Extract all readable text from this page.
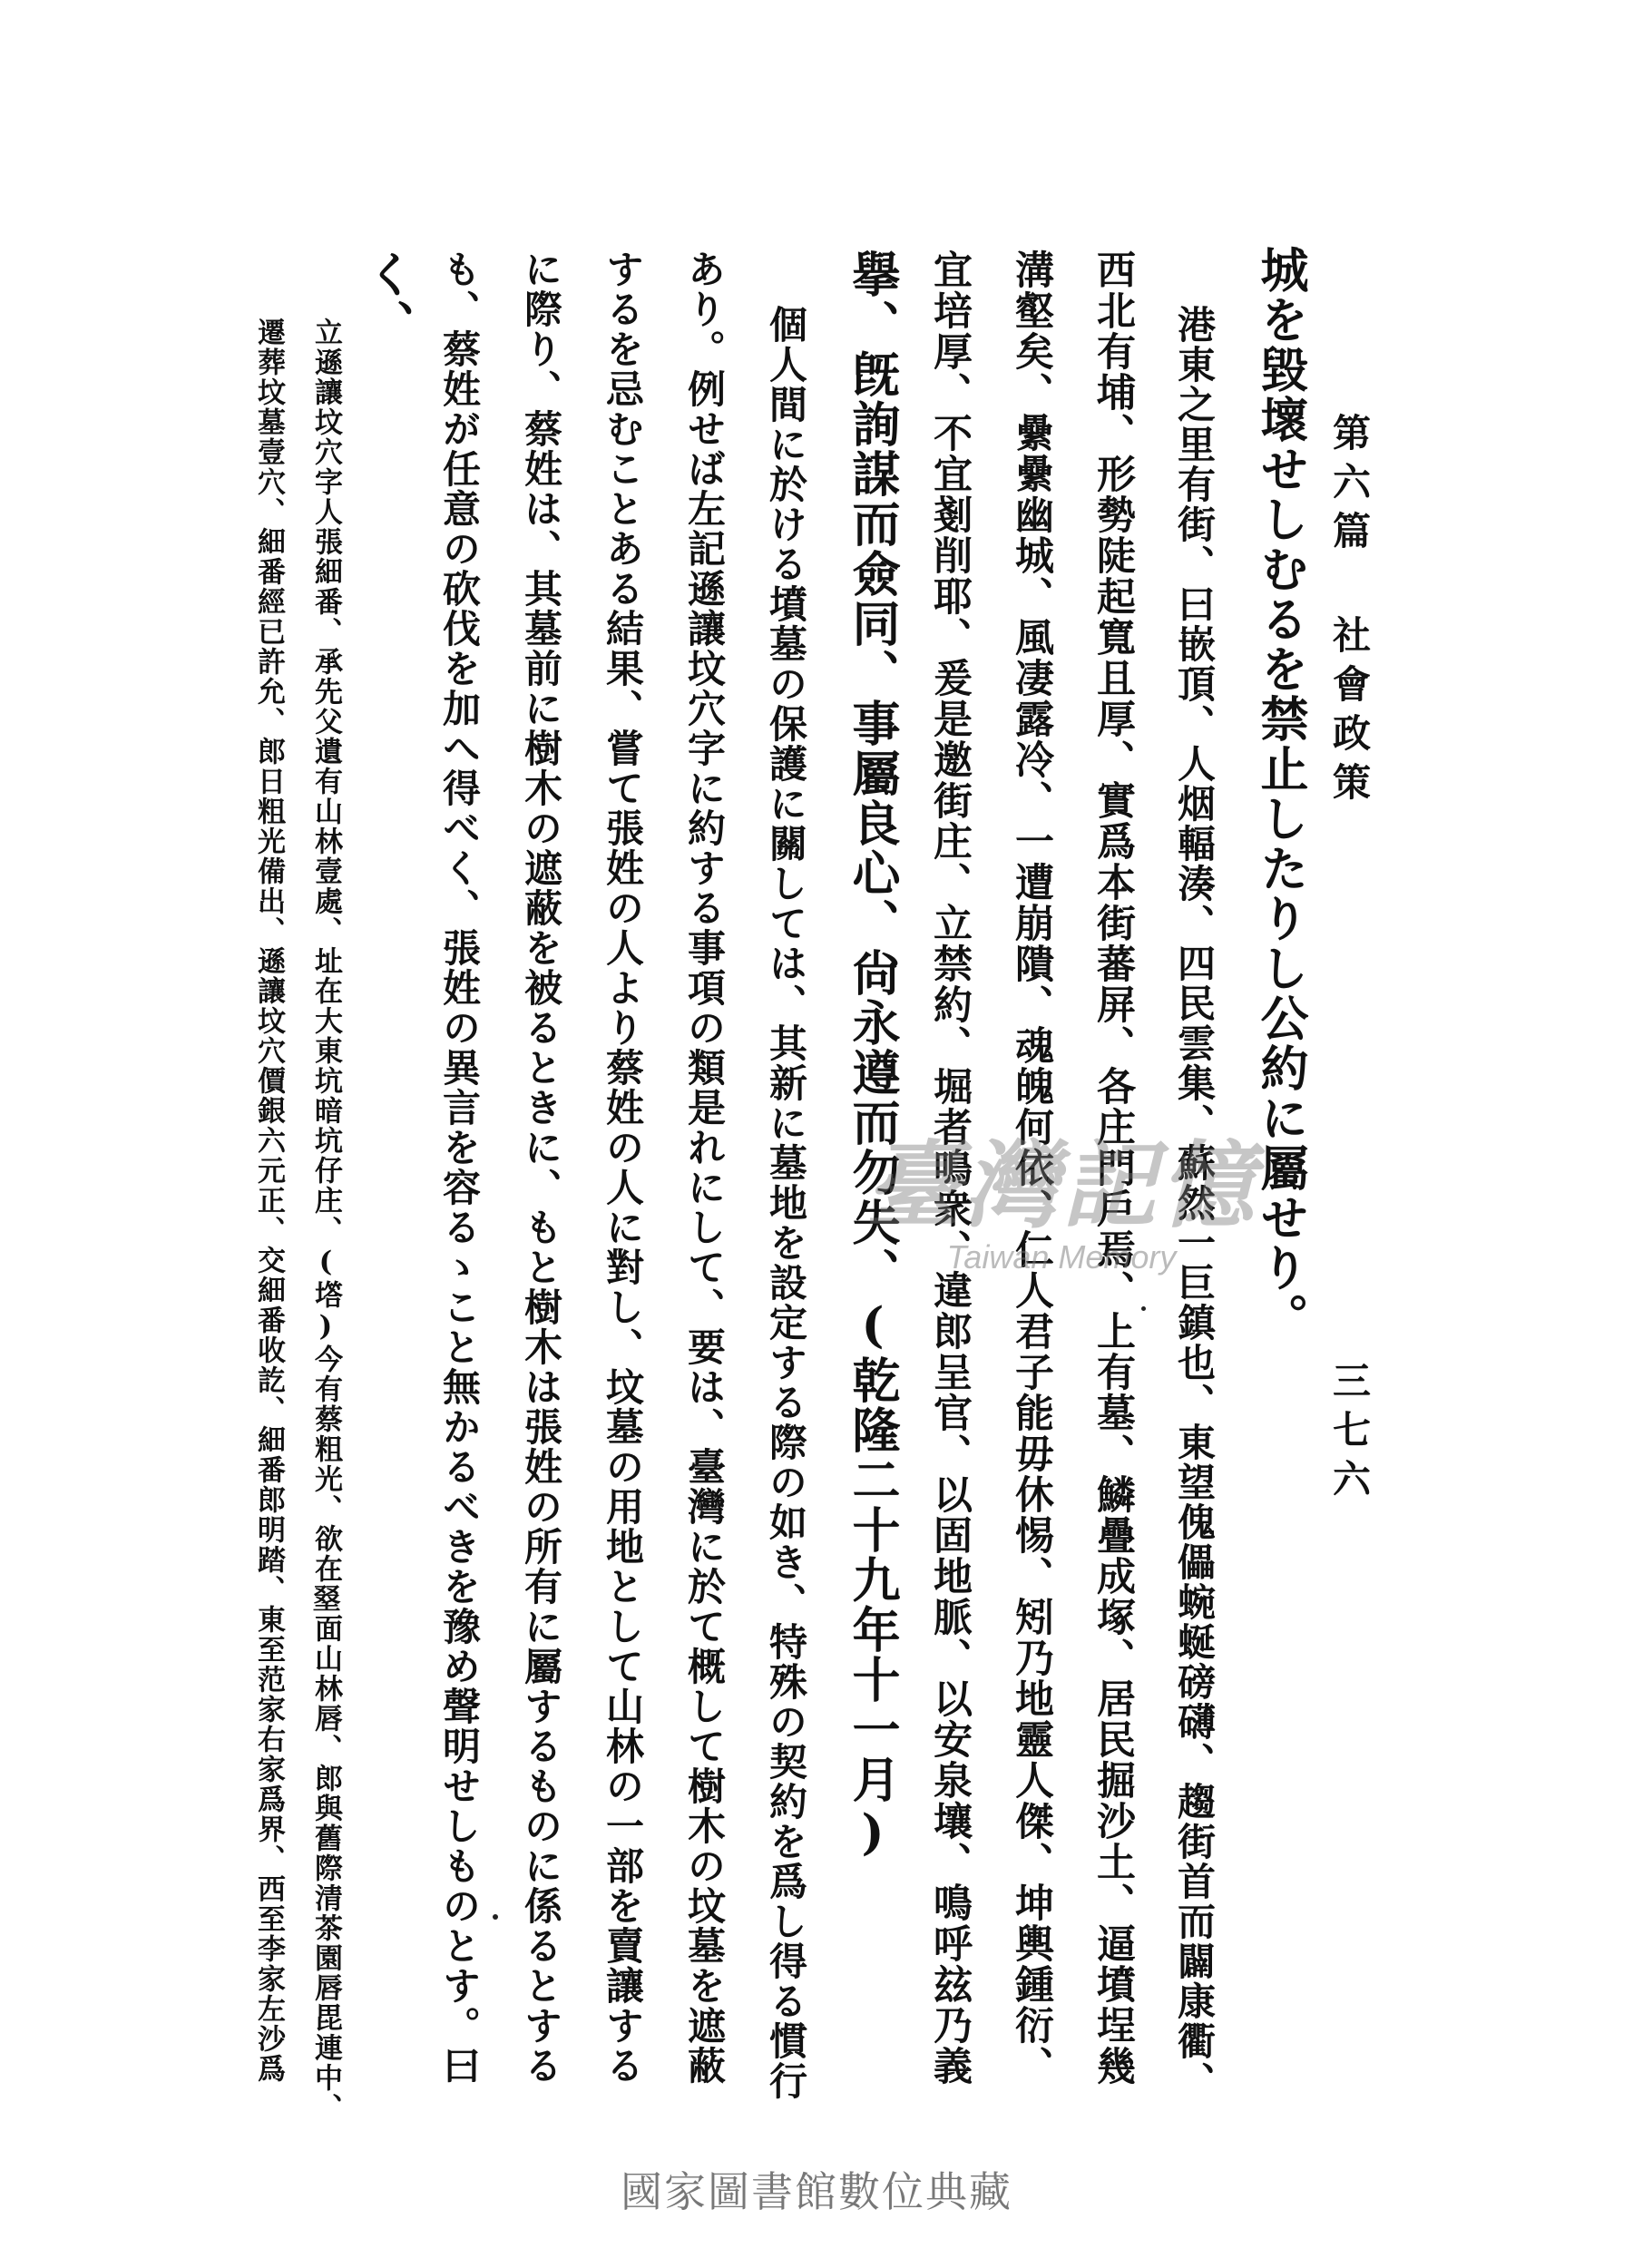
第六篇 社會政策
三七六
城を毀壞せしむるを禁止したりし公約に屬せり。
港東之里有街、曰嵌頂、人烟輻湊、四民雲集、蘇然一巨鎮也、東望傀儡蜿蜒磅礴、趨街首而闢康衢、
西北有埔、形勢陡起寬且厚、實爲本街蕃屏、各庄門戶焉、上有墓、鱗疊成塚、居民掘沙土、逼墳埕幾
溝壑矣、纍纍幽城、風凄露冷、一遭崩隤、魂魄何依、仁人君子能毋休惕、矧乃地靈人傑、坤輿鍾衍、
宜培厚、不宜剗削耶、爰是邀街庄、立禁約、堀者鳴衆、違郎呈官、以固地脈、以安泉壤、鳴呼玆乃義
擧、旣詢謀而僉同、事屬良心、尙永遵而勿失、(乾隆二十九年十一月)
個人間に於ける墳墓の保護に關しては、其新に墓地を設定する際の如き、特殊の契約を爲し得る慣行
あり。例せば左記遜讓坟穴字に約する事項の類是れにして、要は、臺灣に於て概して樹木の坟墓を遮蔽
するを忌むことある結果、嘗て張姓の人より蔡姓の人に對し、坟墓の用地として山林の一部を賣讓する
に際り、蔡姓は、其墓前に樹木の遮蔽を被るときに、もと樹木は張姓の所有に屬するものに係るとする
も、蔡姓が任意の砍伐を加へ得べく、張姓の異言を容るゝこと無かるべきを豫め聲明せしものとす。曰
く、
立遜讓坟穴字人張細番、承先父遺有山林壹處、址在大東坑暗坑仔庄、(㙮)今有蔡粗光、欲在𡌭面山林唇、郎與舊際清茶園唇毘連中、
遷葬坟墓壹穴、細番經已許允、郎日粗光備出、遜讓坟穴價銀六元正、交細番收訖、細番郎明踏、東至范家右家爲界、西至李家左沙爲	臺灣記憶
Taiwan Memory
國家圖書館數位典藏
